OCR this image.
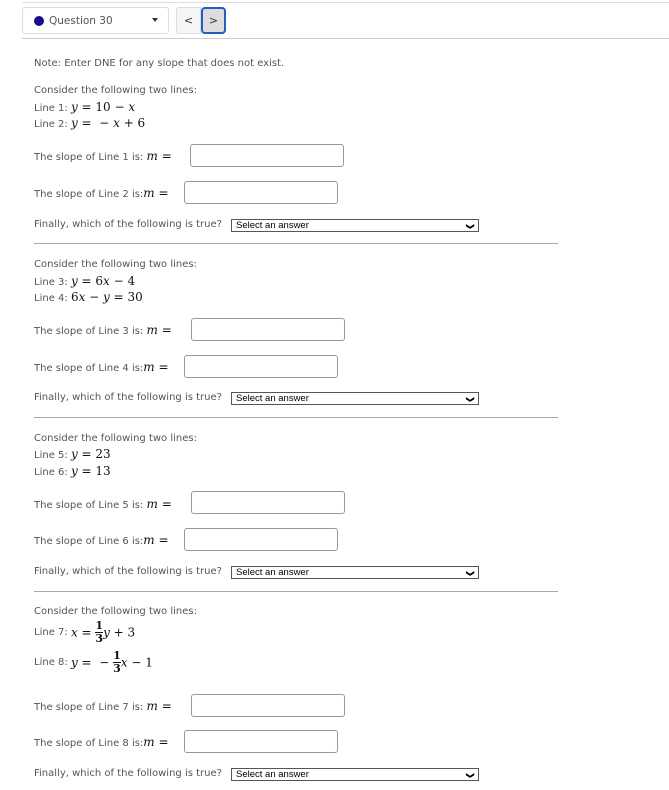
Question 30	<	>
Note: Enter DNE for any slope that does not exist.
Consider the following two lines:
Line 1: y = 10 − x
Line 2: y =  − x + 6
The slope of Line 1 is: m =
The slope of Line 2 is:m =
Finally, which of the following is true?	Select an answer	❯
Consider the following two lines:
Line 3: y = 6x − 4
Line 4: 6x − y = 30
The slope of Line 3 is: m =
The slope of Line 4 is:m =
Finally, which of the following is true?	Select an answer	❯
Consider the following two lines:
Line 5: y = 23
Line 6: y = 13
The slope of Line 5 is: m =
The slope of Line 6 is:m =
Finally, which of the following is true?	Select an answer	❯
Consider the following two lines:
Line 7: $x = \frac{1}{3}$ y + 3
Line 8: y =  − $\frac{1}{3}$ x − 1
The slope of Line 7 is: m =
The slope of Line 8 is:m =
Finally, which of the following is true?	Select an answer	❯
